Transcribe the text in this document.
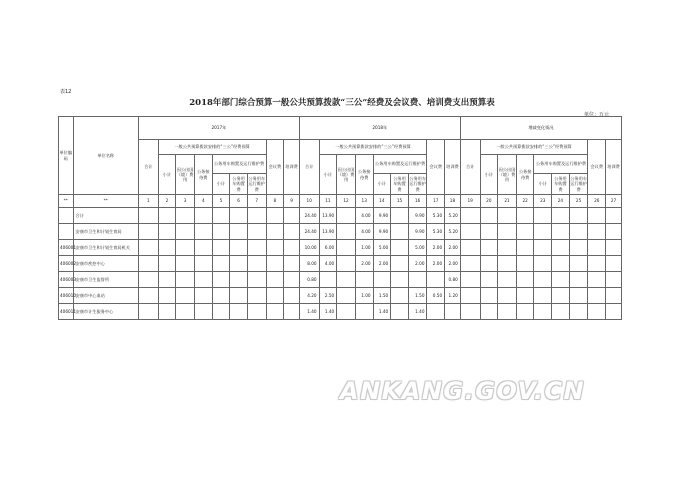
表12
2018年部门综合预算一般公共预算拨款“三公”经费及会议费、培训费支出预算表
单位：万元
单位编码	单位名称	2017年									2018年									增减变化情况								
		合计	一般公共预算拨款安排的“三公”经费预算						会议费	培训费	合计	一般公共预算拨款安排的“三公”经费预算						会议费	培训费	合计	一般公共预算拨款安排的“三公”经费预算						会议费	培训费
			小计	因公出国（境）费用	公务接待费	公务用车购置及运行维护费						小计	因公出国（境）费用	公务接待费	公务用车购置及运行维护费						小计	因公出国（境）费用	公务接待费	公务用车购置及运行维护费				
						小计	公务用车购置费	公务用车运行维护费							小计	公务用车购置费	公务用车运行维护费							小计	公务用车购置费	公务用车运行维护费		
**	**	1	2	3	4	5	6	7	8	9	10	11	12	13	14	15	16	17	18	19	20	21	22	23	24	25	26	27
	合计										24.40	13.90		4.00	9.90		9.90	5.30	5.20									
	安康市卫生和计划生育局										24.40	13.90		4.00	9.90		9.90	5.30	5.20									
406001	安康市卫生和计划生育局机关										10.00	6.00		1.00	5.00		5.00	2.00	2.00									
406002	安康市疾控中心										8.00	4.00		2.00	2.00		2.00	2.00	2.00									
406003	安康市卫生监督所										0.80								0.80									
406010	安康市中心血站										4.20	2.50		1.00	1.50		1.50	0.50	1.20									
406011	安康市计生服务中心										1.40	1.40			1.40		1.40											
ANKANG.GOV.CN
